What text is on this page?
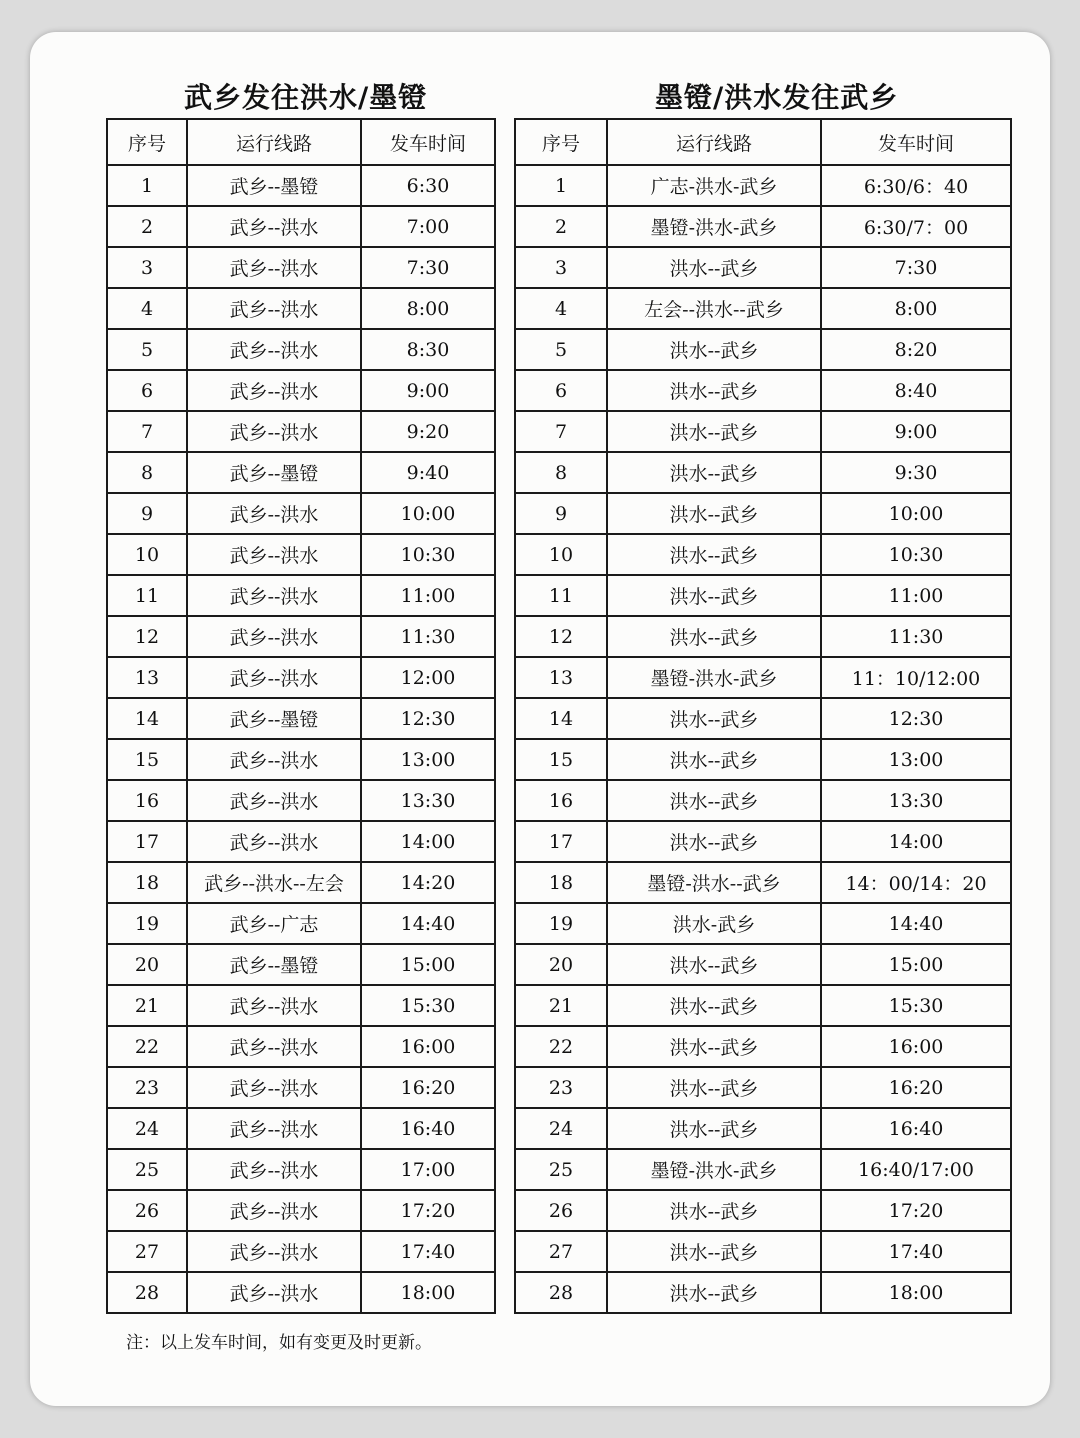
武乡发往洪水/墨镫	墨镫/洪水发往武乡
序号	运行线路	发车时间
1	武乡--墨镫	6:30
2	武乡--洪水	7:00
3	武乡--洪水	7:30
4	武乡--洪水	8:00
5	武乡--洪水	8:30
6	武乡--洪水	9:00
7	武乡--洪水	9:20
8	武乡--墨镫	9:40
9	武乡--洪水	10:00
10	武乡--洪水	10:30
11	武乡--洪水	11:00
12	武乡--洪水	11:30
13	武乡--洪水	12:00
14	武乡--墨镫	12:30
15	武乡--洪水	13:00
16	武乡--洪水	13:30
17	武乡--洪水	14:00
18	武乡--洪水--左会	14:20
19	武乡--广志	14:40
20	武乡--墨镫	15:00
21	武乡--洪水	15:30
22	武乡--洪水	16:00
23	武乡--洪水	16:20
24	武乡--洪水	16:40
25	武乡--洪水	17:00
26	武乡--洪水	17:20
27	武乡--洪水	17:40
28	武乡--洪水	18:00
序号	运行线路	发车时间
1	广志-洪水-武乡	6:30/6：40
2	墨镫-洪水-武乡	6:30/7：00
3	洪水--武乡	7:30
4	左会--洪水--武乡	8:00
5	洪水--武乡	8:20
6	洪水--武乡	8:40
7	洪水--武乡	9:00
8	洪水--武乡	9:30
9	洪水--武乡	10:00
10	洪水--武乡	10:30
11	洪水--武乡	11:00
12	洪水--武乡	11:30
13	墨镫-洪水-武乡	11：10/12:00
14	洪水--武乡	12:30
15	洪水--武乡	13:00
16	洪水--武乡	13:30
17	洪水--武乡	14:00
18	墨镫-洪水--武乡	14：00/14：20
19	洪水-武乡	14:40
20	洪水--武乡	15:00
21	洪水--武乡	15:30
22	洪水--武乡	16:00
23	洪水--武乡	16:20
24	洪水--武乡	16:40
25	墨镫-洪水-武乡	16:40/17:00
26	洪水--武乡	17:20
27	洪水--武乡	17:40
28	洪水--武乡	18:00
注：以上发车时间，如有变更及时更新。
